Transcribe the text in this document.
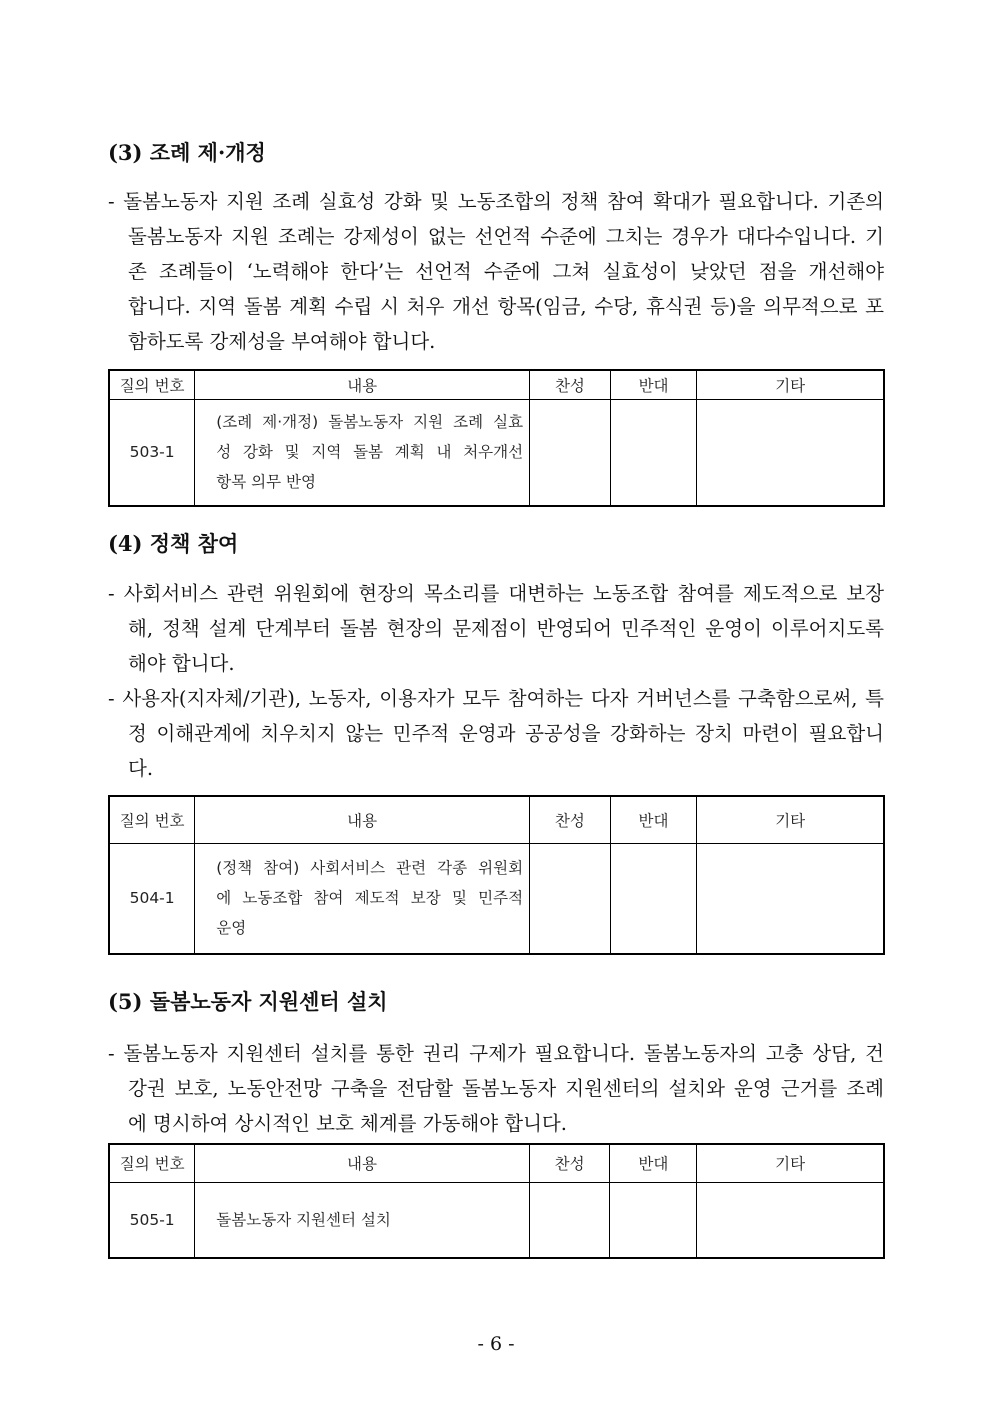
(3) 조례 제·개정
- 돌봄노동자 지원 조례 실효성 강화 및 노동조합의 정책 참여 확대가 필요합니다. 기존의
돌봄노동자 지원 조례는 강제성이 없는 선언적 수준에 그치는 경우가 대다수입니다. 기
존 조례들이 ‘노력해야 한다’는 선언적 수준에 그쳐 실효성이 낮았던 점을 개선해야
합니다. 지역 돌봄 계획 수립 시 처우 개선 항목(임금, 수당, 휴식권 등)을 의무적으로 포
함하도록 강제성을 부여해야 합니다.
질의 번호	내용	찬성	반대	기타
503-1	(조례 제·개정) 돌봄노동자 지원 조례 실효
성 강화 및 지역 돌봄 계획 내 처우개선
항목 의무 반영			

(4) 정책 참여
- 사회서비스 관련 위원회에 현장의 목소리를 대변하는 노동조합 참여를 제도적으로 보장
해, 정책 설계 단계부터 돌봄 현장의 문제점이 반영되어 민주적인 운영이 이루어지도록
해야 합니다.
- 사용자(지자체/기관), 노동자, 이용자가 모두 참여하는 다자 거버넌스를 구축함으로써, 특
정 이해관계에 치우치지 않는 민주적 운영과 공공성을 강화하는 장치 마련이 필요합니
다.
질의 번호	내용	찬성	반대	기타
504-1	(정책 참여) 사회서비스 관련 각종 위원회
에 노동조합 참여 제도적 보장 및 민주적
운영			

(5) 돌봄노동자 지원센터 설치
- 돌봄노동자 지원센터 설치를 통한 권리 구제가 필요합니다. 돌봄노동자의 고충 상담, 건
강권 보호, 노동안전망 구축을 전담할 돌봄노동자 지원센터의 설치와 운영 근거를 조례
에 명시하여 상시적인 보호 체계를 가동해야 합니다.
질의 번호	내용	찬성	반대	기타
505-1	돌봄노동자 지원센터 설치			

- 6 -
